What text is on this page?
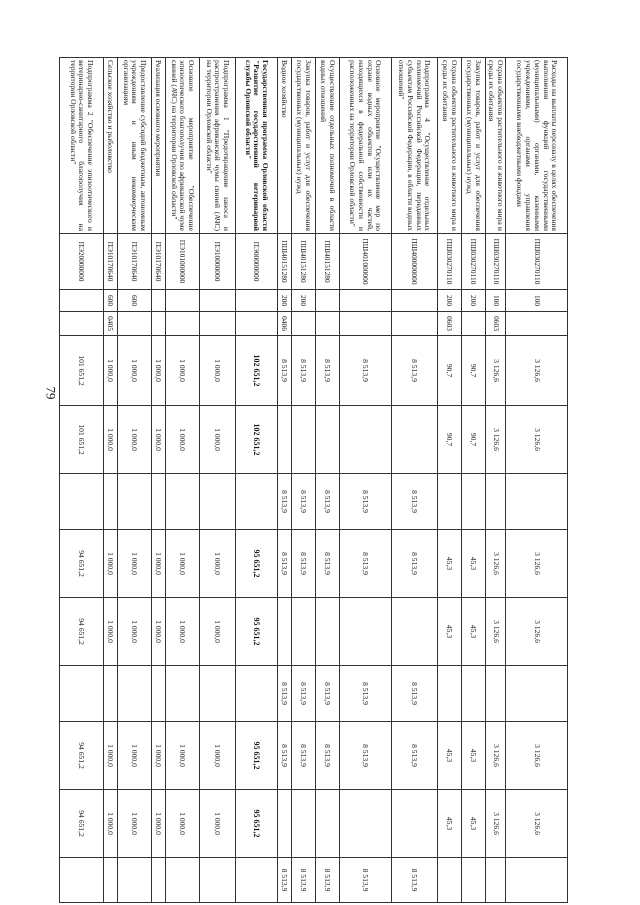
79
Расходы на выплаты персоналу в целях обеспечения выполнения функций государственными (муниципальными) органами, казенными учреждениями, органами управления государственными внебюджетными фондами	ПШ030270110	100		3 126,6	3 126,6		3 126,6	3 126,6		3 126,6	3 126,6	
Охрана объектов растительного и животного мира и среды их обитания	ПШ030270110	100	0603	3 126,6	3 126,6		3 126,6	3 126,6		3 126,6	3 126,6	
Закупка товаров, работ и услуг для обеспечения государственных (муниципальных) нужд	ПШ030270110	200		90,7	90,7		45,3	45,3		45,3	45,3	
Охрана объектов растительного и животного мира и среды их обитания	ПШ030270110	200	0603	90,7	90,7		45,3	45,3		45,3	45,3	
Подпрограмма 4 "Осуществление отдельных полномочий Российской Федерации, переданных субъектам Российской Федерации, в области водных отношений"	ПШ400000000			8 513,9		8 513,9	8 513,9		8 513,9	8 513,9		8 513,9
Основное мероприятие "Осуществление мер по охране водных объектов или их частей, находящихся в федеральной собственности и расположенных на территории Орловской области"	ПШ401000000			8 513,9		8 513,9	8 513,9		8 513,9	8 513,9		8 513,9
Осуществление отдельных полномочий в области водных отношений	ПШ40151280			8 513,9		8 513,9	8 513,9		8 513,9	8 513,9		8 513,9
Закупка товаров, работ и услуг для обеспечения государственных (муниципальных) нужд	ПШ40151280	200		8 513,9		8 513,9	8 513,9		8 513,9	8 513,9		8 513,9
Водное хозяйство	ПШ40151280	200	0406	8 513,9		8 513,9	8 513,9		8 513,9	8 513,9		8 513,9
Государственная программа Орловской области "Развитие государственной ветеринарной службы Орловской области"	ПЭ00000000			102 651,2	102 651,2		95 651,2	95 651,2		95 651,2	95 651,2	
Подпрограмма 1 "Предотвращение заноса и распространения африканской чумы свиней (АЧС) на территории Орловской области"	ПЭ10000000			1 000,0	1 000,0		1 000,0	1 000,0		1 000,0	1 000,0	
Основное мероприятие "Обеспечение эпизоотического благополучия по африканской чуме свиней (АЧС) на территории Орловской области"	ПЭ101000000			1 000,0	1 000,0		1 000,0	1 000,0		1 000,0	1 000,0	
Реализация основного мероприятия	ПЭ10170640			1 000,0	1 000,0		1 000,0	1 000,0		1 000,0	1 000,0	
Предоставление субсидий бюджетным, автономным учреждениям и иным некоммерческим организациям	ПЭ10170640	600		1 000,0	1 000,0		1 000,0	1 000,0		1 000,0	1 000,0	
Сельское хозяйство и рыболовство	ПЭ10170640	600	0405	1 000,0	1 000,0		1 000,0	1 000,0		1 000,0	1 000,0	
Подпрограмма 2 "Обеспечение эпизоотического и ветеринарно-санитарного благополучия на территории Орловской области"	ПЭ20000000			101 651,2	101 651,2		94 651,2	94 651,2		94 651,2	94 651,2	
